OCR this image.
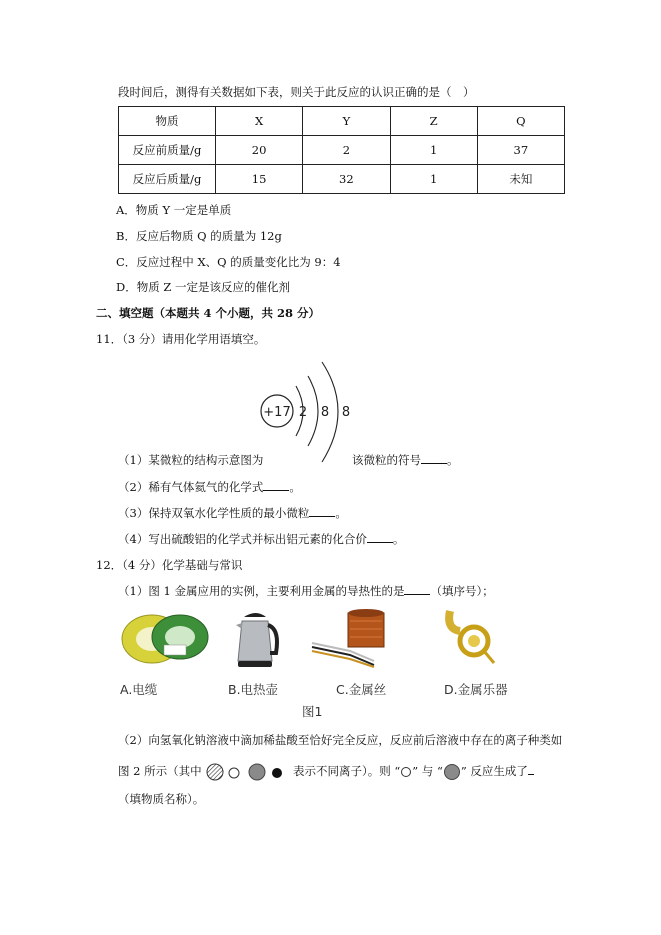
段时间后，测得有关数据如下表，则关于此反应的认识正确的是（　）
物质	X	Y	Z	Q
反应前质量/g	20	2	1	37
反应后质量/g	15	32	1	未知
A．物质 Y 一定是单质
B．反应后物质 Q 的质量为 12g
C．反应过程中 X、Q 的质量变化比为 9：4
D．物质 Z 一定是该反应的催化剂
二、填空题（本题共 4 个小题，共 28 分）
11．（3 分）请用化学用语填空。
+17 2 8 8
（1）某微粒的结构示意图为	该微粒的符号 。
（2）稀有气体氦气的化学式 。
（3）保持双氧水化学性质的最小微粒 。
（4）写出硫酸铝的化学式并标出铝元素的化合价 。
12．（4 分）化学基础与常识
（1）图 1 金属应用的实例，主要利用金属的导热性的是 （填序号）；
A.电缆	B.电热壶	C.金属丝	D.金属乐器
图1
（2）向氢氧化钠溶液中滴加稀盐酸至恰好完全反应，反应前后溶液中存在的离子种类如
图 2 所示（其中	表示不同离子）。则 “ ” 与 “ ” 反应生成了
（填物质名称）。
